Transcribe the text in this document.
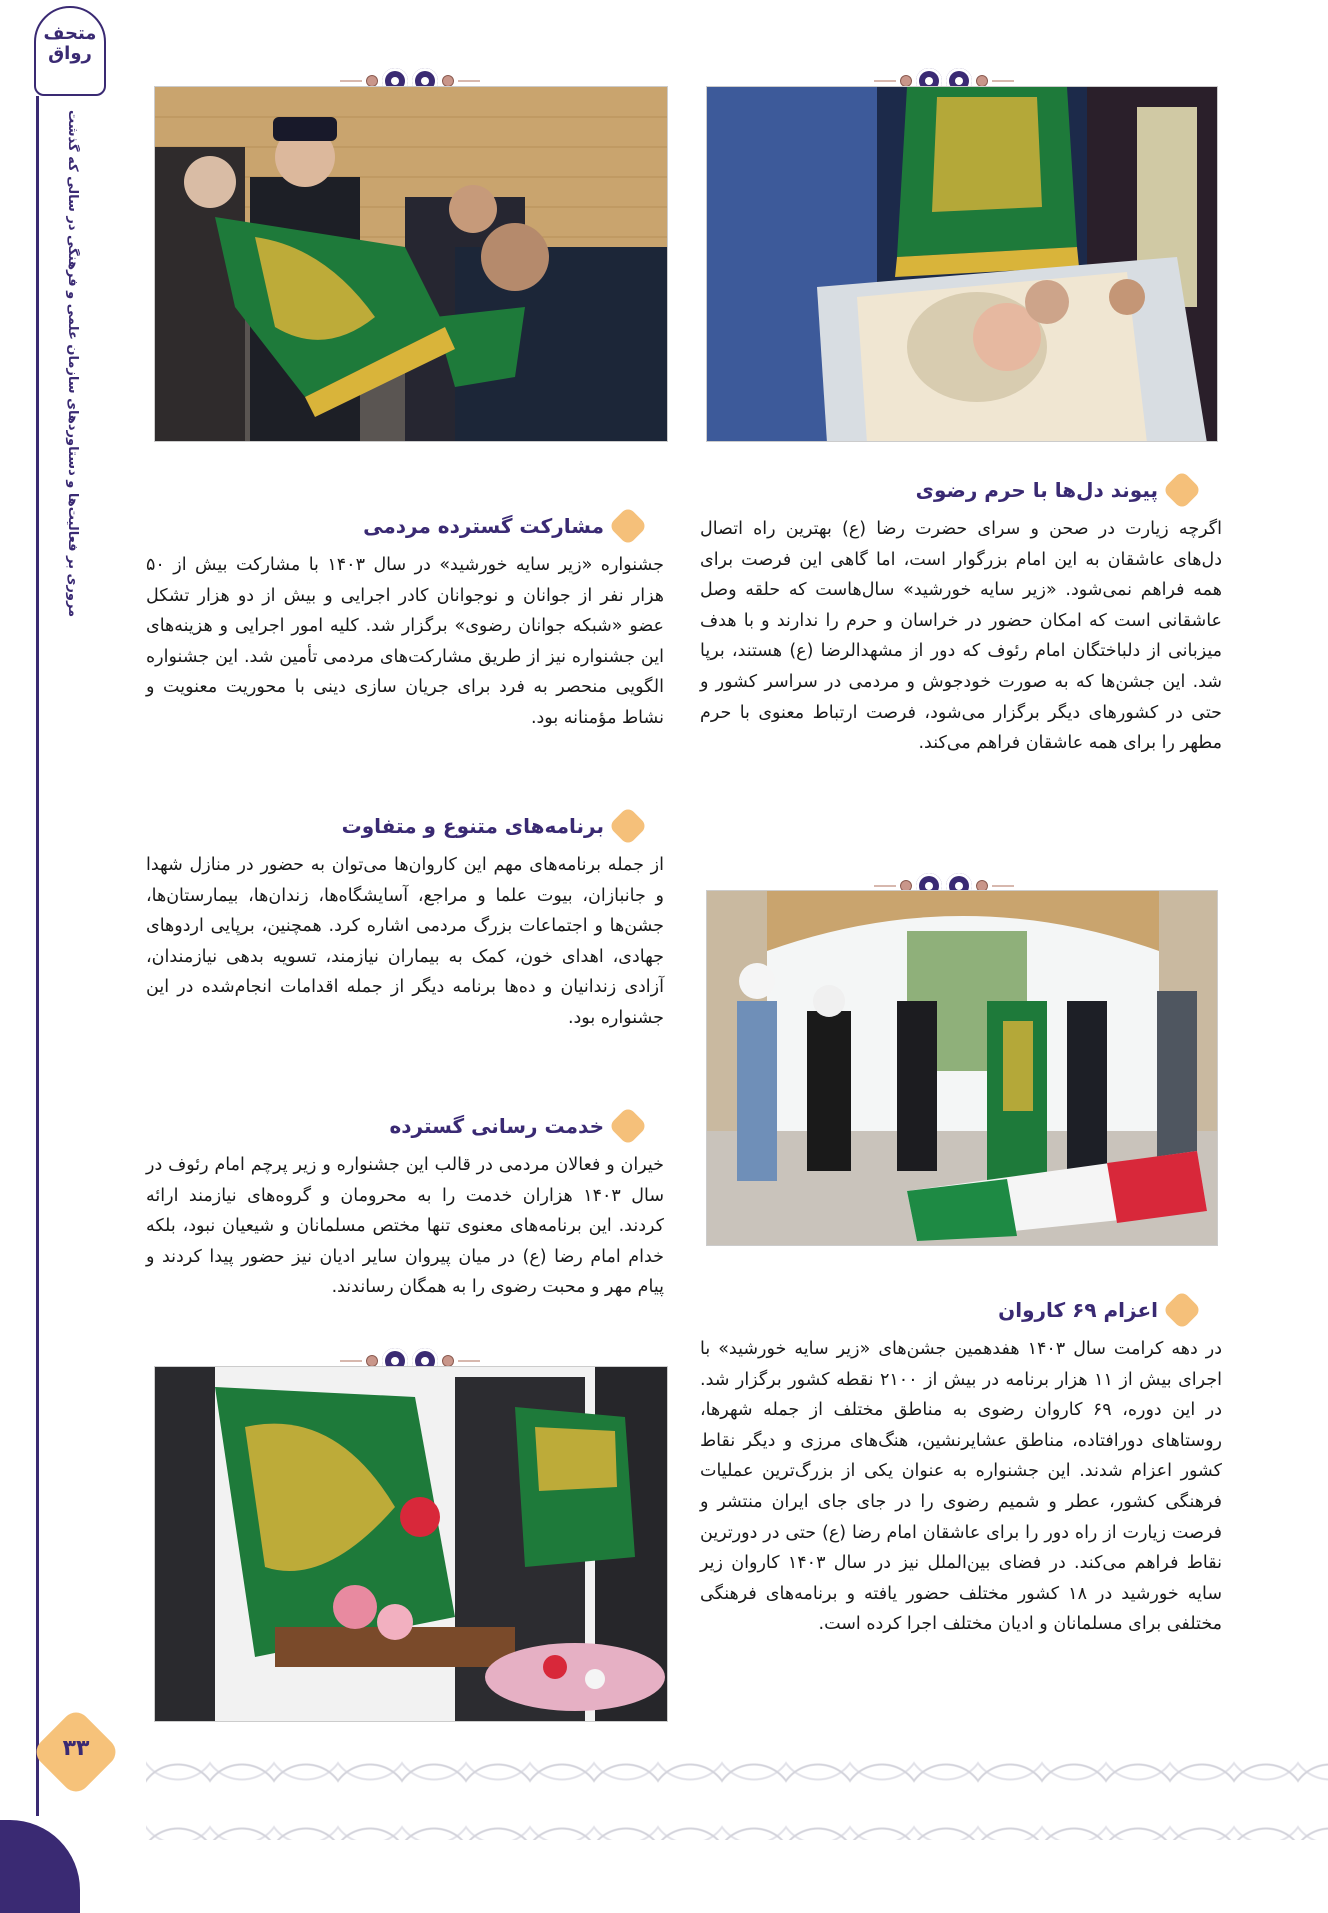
متحف رواق
مروری بر فعالیت‌ها و دستاوردهای سازمان علمی و فرهنگی در سالی که گذشت
۳۳
پیوند دل‌ها با حرم رضوی

اگرچه زیارت در صحن و سرای حضرت رضا (ع) بهترین راه اتصال دل‌های عاشقان به این امام بزرگوار است، اما گاهی این فرصت برای همه فراهم نمی‌شود. «زیر سایه خورشید» سال‌هاست که حلقه وصل عاشقانی است که امکان حضور در خراسان و حرم را ندارند و با هدف میزبانی از دلباختگان امام رئوف که دور از مشهدالرضا (ع) هستند، برپا شد. این جشن‌ها که به صورت خودجوش و مردمی در سراسر کشور و حتی در کشورهای دیگر برگزار می‌شود، فرصت ارتباط معنوی با حرم مطهر را برای همه عاشقان فراهم می‌کند.

مشارکت گسترده مردمی

جشنواره «زیر سایه خورشید» در سال ۱۴۰۳ با مشارکت بیش از ۵۰ هزار نفر از جوانان و نوجوانان کادر اجرایی و بیش از دو هزار تشکل عضو «شبکه جوانان رضوی» برگزار شد. کلیه امور اجرایی و هزینه‌های این جشنواره نیز از طریق مشارکت‌های مردمی تأمین شد. این جشنواره الگویی منحصر به فرد برای جریان سازی دینی با محوریت معنویت و نشاط مؤمنانه بود.

برنامه‌های متنوع و متفاوت

از جمله برنامه‌های مهم این کاروان‌ها می‌توان به حضور در منازل شهدا و جانبازان، بیوت علما و مراجع، آسایشگاه‌ها، زندان‌ها، بیمارستان‌ها، جشن‌ها و اجتماعات بزرگ مردمی اشاره کرد. همچنین، برپایی اردوهای جهادی، اهدای خون، کمک به بیماران نیازمند، تسویه بدهی نیازمندان، آزادی زندانیان و ده‌ها برنامه دیگر از جمله اقدامات انجام‌شده در این جشنواره بود.

خدمت رسانی گسترده

خیران و فعالان مردمی در قالب این جشنواره و زیر پرچم امام رئوف در سال ۱۴۰۳ هزاران خدمت را به محرومان و گروه‌های نیازمند ارائه کردند. این برنامه‌های معنوی تنها مختص مسلمانان و شیعیان نبود، بلکه خدام امام رضا (ع) در میان پیروان سایر ادیان نیز حضور پیدا کردند و پیام مهر و محبت رضوی را به همگان رساندند.

اعزام ۶۹ کاروان

در دهه کرامت سال ۱۴۰۳ هفدهمین جشن‌های «زیر سایه خورشید» با اجرای بیش از ۱۱ هزار برنامه در بیش از ۲۱۰۰ نقطه کشور برگزار شد. در این دوره، ۶۹ کاروان رضوی به مناطق مختلف از جمله شهرها، روستاهای دورافتاده، مناطق عشایرنشین، هنگ‌های مرزی و دیگر نقاط کشور اعزام شدند. این جشنواره به عنوان یکی از بزرگ‌ترین عملیات فرهنگی کشور، عطر و شمیم رضوی را در جای جای ایران منتشر و فرصت زیارت از راه دور را برای عاشقان امام رضا (ع) حتی در دورترین نقاط فراهم می‌کند. در فضای بین‌الملل نیز در سال ۱۴۰۳ کاروان زیر سایه خورشید در ۱۸ کشور مختلف حضور یافته و برنامه‌های فرهنگی مختلفی برای مسلمانان و ادیان مختلف اجرا کرده است.
